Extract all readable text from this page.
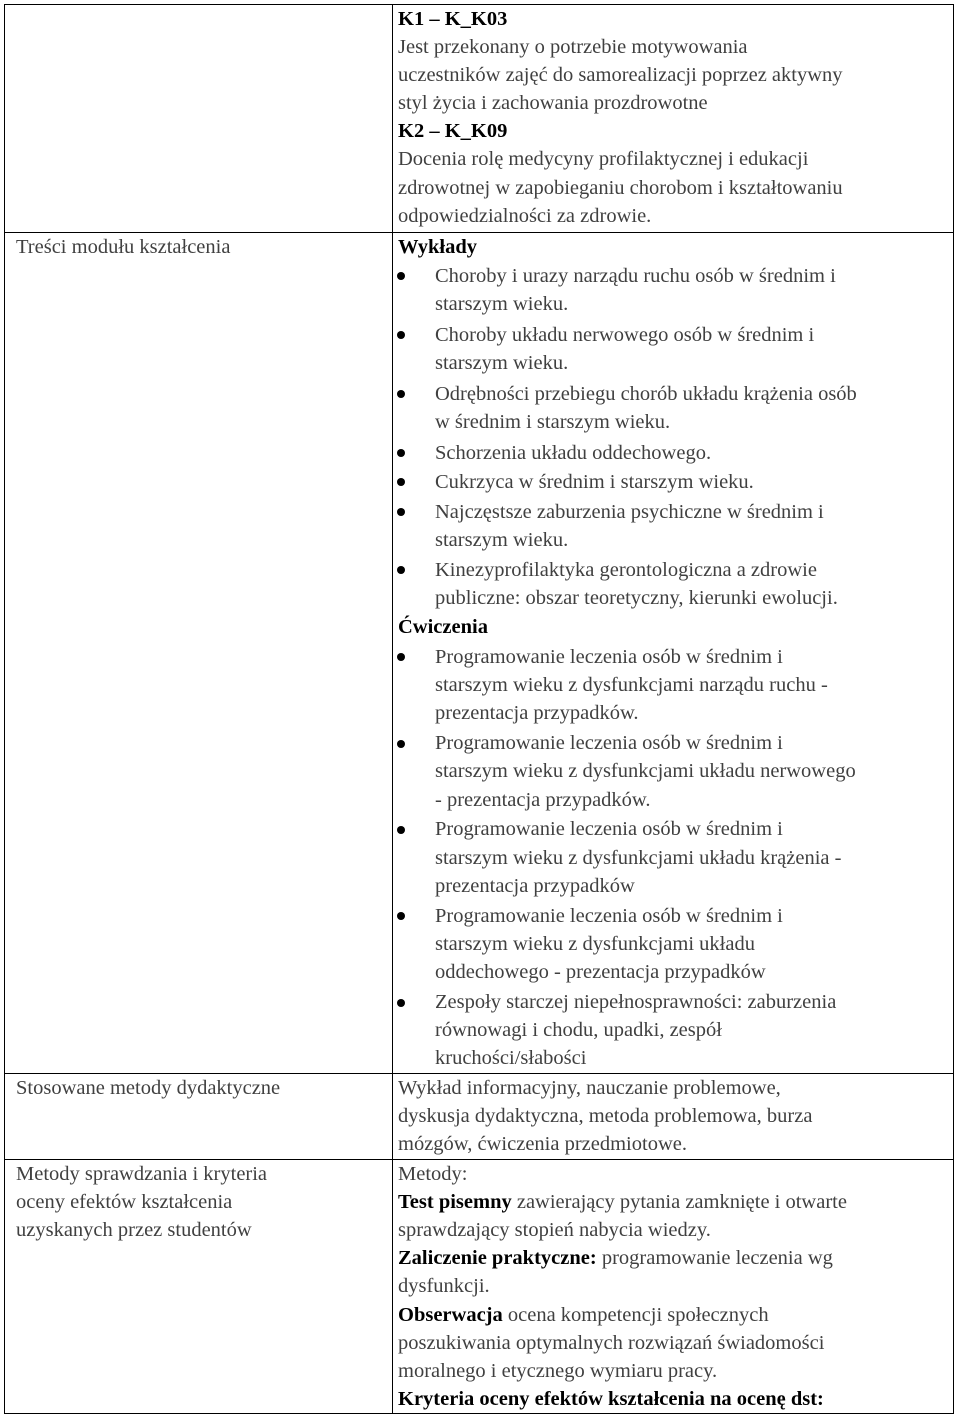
K1 – K_K03
Jest przekonany o potrzebie motywowania
uczestników zajęć do samorealizacji poprzez aktywny
styl życia i zachowania prozdrowotne
K2 – K_K09
Docenia rolę medycyny profilaktycznej i edukacji
zdrowotnej w zapobieganiu chorobom i kształtowaniu
odpowiedzialności za zdrowie.
Treści modułu kształcenia	Wykłady
Choroby i urazy narządu ruchu osób w średnim i
starszym wieku.
Choroby układu nerwowego osób w średnim i
starszym wieku.
Odrębności przebiegu chorób układu krążenia osób
w średnim i starszym wieku.
Schorzenia układu oddechowego.
Cukrzyca w średnim i starszym wieku.
Najczęstsze zaburzenia psychiczne w średnim i
starszym wieku.
Kinezyprofilaktyka gerontologiczna a zdrowie
publiczne: obszar teoretyczny, kierunki ewolucji.
Ćwiczenia
Programowanie leczenia osób w średnim i
starszym wieku z dysfunkcjami narządu ruchu -
prezentacja przypadków.
Programowanie leczenia osób w średnim i
starszym wieku z dysfunkcjami układu nerwowego
- prezentacja przypadków.
Programowanie leczenia osób w średnim i
starszym wieku z dysfunkcjami układu krążenia -
prezentacja przypadków
Programowanie leczenia osób w średnim i
starszym wieku z dysfunkcjami układu
oddechowego - prezentacja przypadków
Zespoły starczej niepełnosprawności: zaburzenia
równowagi i chodu, upadki, zespół
kruchości/słabości
Stosowane metody dydaktyczne	Wykład informacyjny, nauczanie problemowe,
dyskusja dydaktyczna, metoda problemowa, burza
mózgów, ćwiczenia przedmiotowe.
Metody sprawdzania i kryteria
oceny efektów kształcenia
uzyskanych przez studentów
Metody:
Test pisemny zawierający pytania zamknięte i otwarte
sprawdzający stopień nabycia wiedzy.
Zaliczenie praktyczne: programowanie leczenia wg
dysfunkcji.
Obserwacja ocena kompetencji społecznych
poszukiwania optymalnych rozwiązań świadomości
moralnego i etycznego wymiaru pracy.
Kryteria oceny efektów kształcenia na ocenę dst:
